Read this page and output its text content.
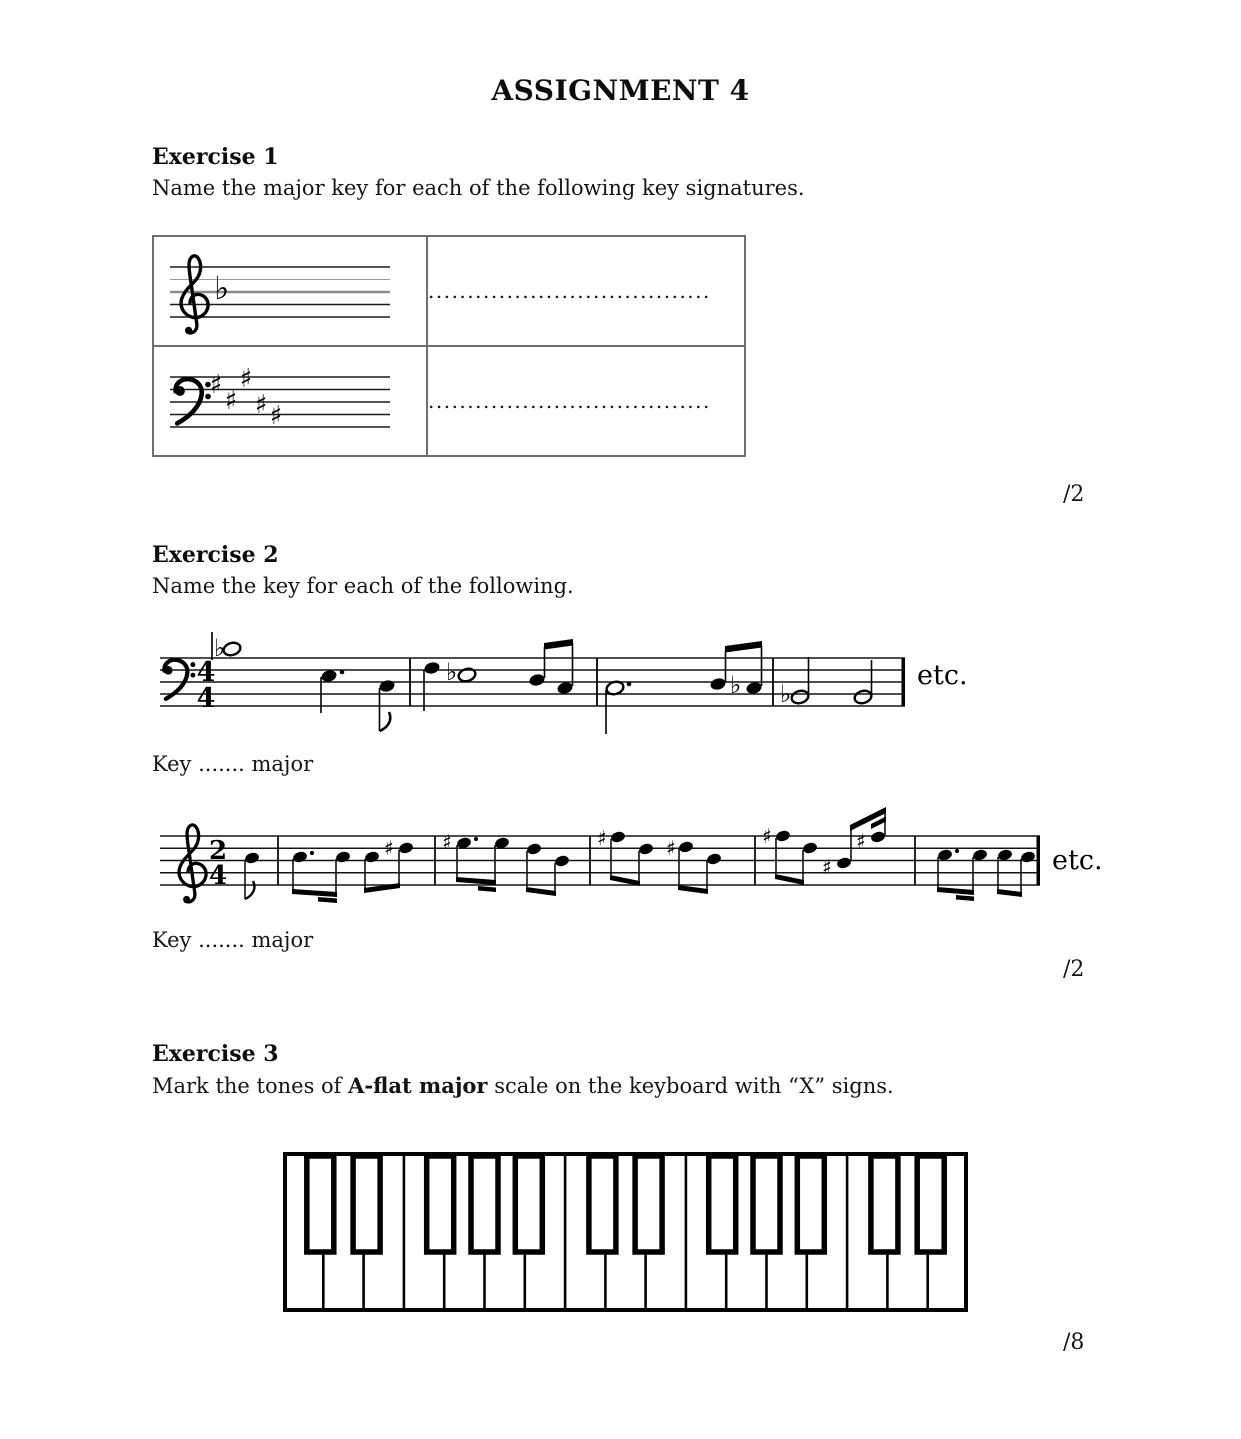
ASSIGNMENT 4
Exercise 1
Name the major key for each of the following key signatures.
♭	....................................

♯
♯
♯
♯ ♯	....................................
/2
Exercise 2
Name the key for each of the following.
4
4
♭
♭	♭ ♭
etc.
Key ....... major
2
4
♯ ♯	♯	♯	♯
♯
♯
etc.
Key ....... major
/2
Exercise 3
Mark the tones of A-flat major scale on the keyboard with “X” signs.
/8
